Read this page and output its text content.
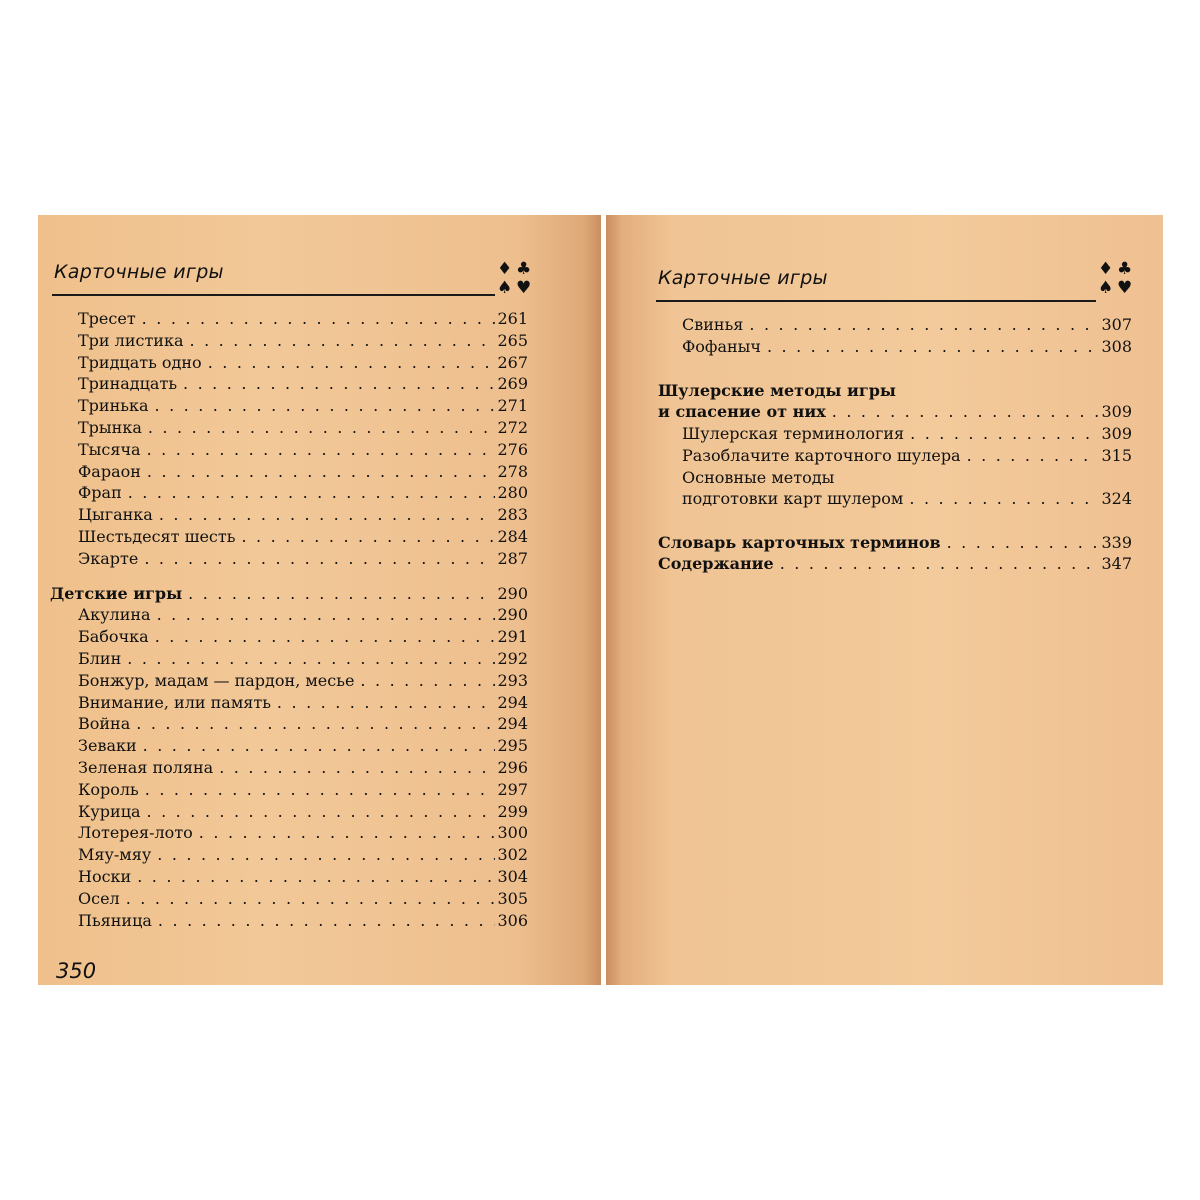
Карточные игры	♦ ♣
♠ ♥
350
Тресет . . .	261
Три листика . . .	265
Тридцать одно . . .	267
Тринадцать . . .	269
Тринька . . .	271
Трынка . . .	272
Тысяча . . .	276
Фараон . . .	278
Фрап . . .	280
Цыганка . . .	283
Шестьдесят шесть . . .	284
Экарте . . .	287
Детские игры . . .	290
Акулина . . .	290
Бабочка . . .	291
Блин . . .	292
Бонжур, мадам — пардон, месье . . .	293
Внимание, или память . . .	294
Война . . .	294
Зеваки . . .	295
Зеленая поляна . . .	296
Король . . .	297
Курица . . .	299
Лотерея-лото . . .	300
Мяу-мяу . . .	302
Носки . . .	304
Осел . . .	305
Пьяница . . .	306
Карточные игры	♦ ♣
♠ ♥
Свинья . . .	307
Фофаныч . . .	308
Шулерские методы игры
и спасение от них . . .	309
Шулерская терминология . . .	309
Разоблачите карточного шулера . . .	315
Основные методы
подготовки карт шулером . . .	324
Словарь карточных терминов . . .	339
Содержание . . .	347
